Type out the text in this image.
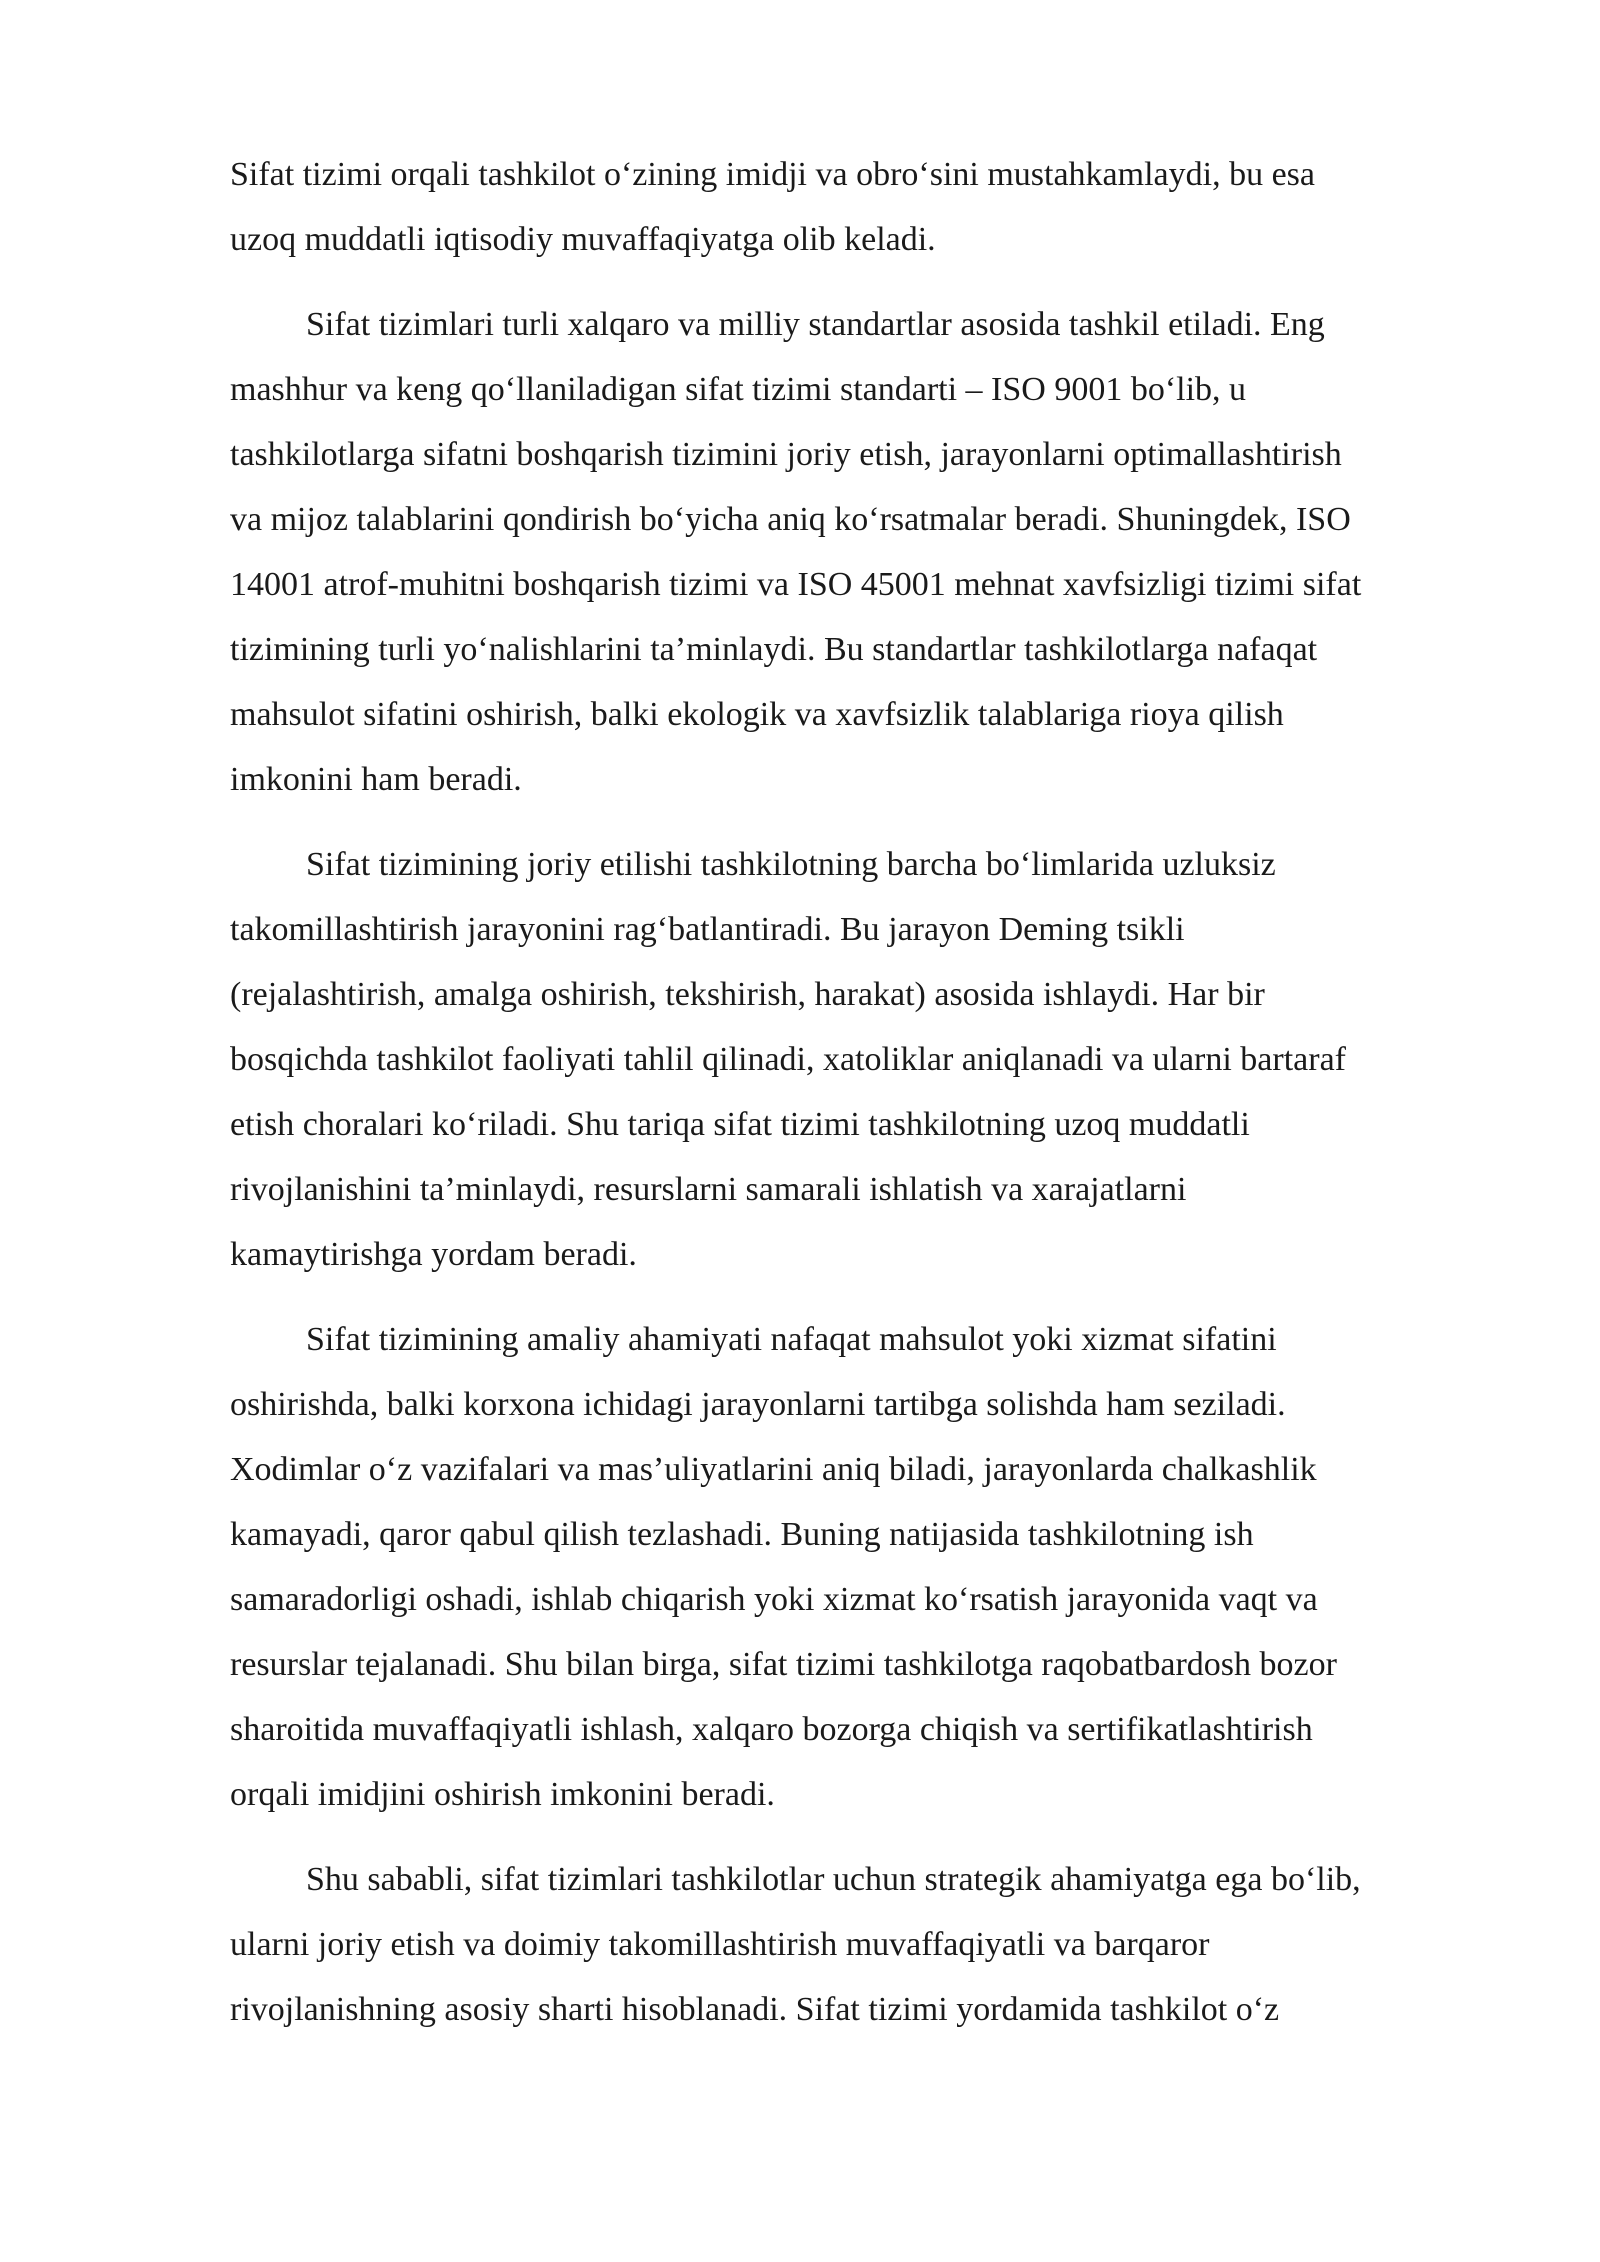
Sifat tizimi orqali tashkilot o‘zining imidji va obro‘sini mustahkamlaydi, bu esa
uzoq muddatli iqtisodiy muvaffaqiyatga olib keladi.

Sifat tizimlari turli xalqaro va milliy standartlar asosida tashkil etiladi. Eng
mashhur va keng qo‘llaniladigan sifat tizimi standarti – ISO 9001 bo‘lib, u
tashkilotlarga sifatni boshqarish tizimini joriy etish, jarayonlarni optimallashtirish
va mijoz talablarini qondirish bo‘yicha aniq ko‘rsatmalar beradi. Shuningdek, ISO
14001 atrof-muhitni boshqarish tizimi va ISO 45001 mehnat xavfsizligi tizimi sifat
tizimining turli yo‘nalishlarini ta’minlaydi. Bu standartlar tashkilotlarga nafaqat
mahsulot sifatini oshirish, balki ekologik va xavfsizlik talablariga rioya qilish
imkonini ham beradi.

Sifat tizimining joriy etilishi tashkilotning barcha bo‘limlarida uzluksiz
takomillashtirish jarayonini rag‘batlantiradi. Bu jarayon Deming tsikli
(rejalashtirish, amalga oshirish, tekshirish, harakat) asosida ishlaydi. Har bir
bosqichda tashkilot faoliyati tahlil qilinadi, xatoliklar aniqlanadi va ularni bartaraf
etish choralari ko‘riladi. Shu tariqa sifat tizimi tashkilotning uzoq muddatli
rivojlanishini ta’minlaydi, resurslarni samarali ishlatish va xarajatlarni
kamaytirishga yordam beradi.

Sifat tizimining amaliy ahamiyati nafaqat mahsulot yoki xizmat sifatini
oshirishda, balki korxona ichidagi jarayonlarni tartibga solishda ham seziladi.
Xodimlar o‘z vazifalari va mas’uliyatlarini aniq biladi, jarayonlarda chalkashlik
kamayadi, qaror qabul qilish tezlashadi. Buning natijasida tashkilotning ish
samaradorligi oshadi, ishlab chiqarish yoki xizmat ko‘rsatish jarayonida vaqt va
resurslar tejalanadi. Shu bilan birga, sifat tizimi tashkilotga raqobatbardosh bozor
sharoitida muvaffaqiyatli ishlash, xalqaro bozorga chiqish va sertifikatlashtirish
orqali imidjini oshirish imkonini beradi.

Shu sababli, sifat tizimlari tashkilotlar uchun strategik ahamiyatga ega bo‘lib,
ularni joriy etish va doimiy takomillashtirish muvaffaqiyatli va barqaror
rivojlanishning asosiy sharti hisoblanadi. Sifat tizimi yordamida tashkilot o‘z
